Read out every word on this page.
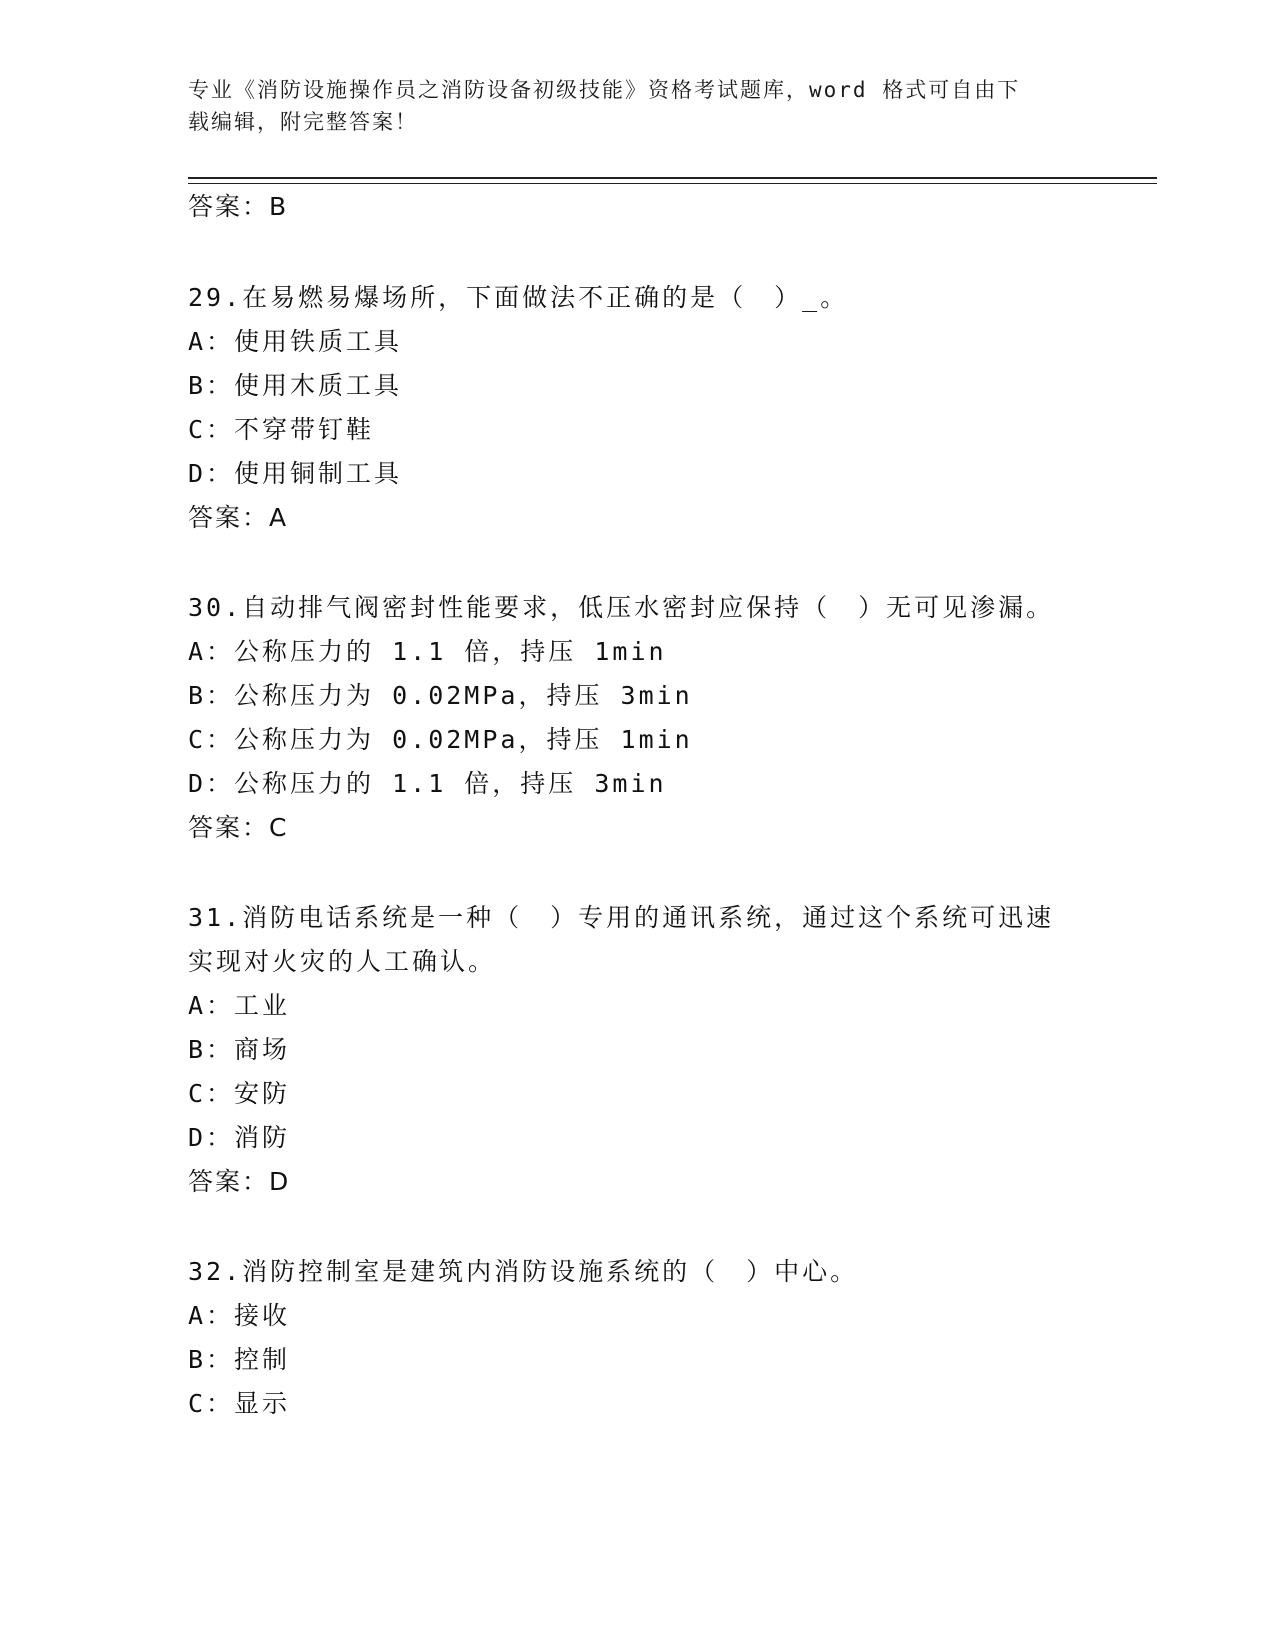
专业《消防设施操作员之消防设备初级技能》资格考试题库，word 格式可自由下
载编辑，附完整答案！
答案：B
29.在易燃易爆场所，下面做法不正确的是（　）_。
A：使用铁质工具
B：使用木质工具
C：不穿带钉鞋
D：使用铜制工具
答案：A
30.自动排气阀密封性能要求，低压水密封应保持（　）无可见渗漏。
A：公称压力的 1.1 倍，持压 1min
B：公称压力为 0.02MPa，持压 3min
C：公称压力为 0.02MPa，持压 1min
D：公称压力的 1.1 倍，持压 3min
答案：C
31.消防电话系统是一种（　）专用的通讯系统，通过这个系统可迅速
实现对火灾的人工确认。
A：工业
B：商场
C：安防
D：消防
答案：D
32.消防控制室是建筑内消防设施系统的（　）中心。
A：接收
B：控制
C：显示
